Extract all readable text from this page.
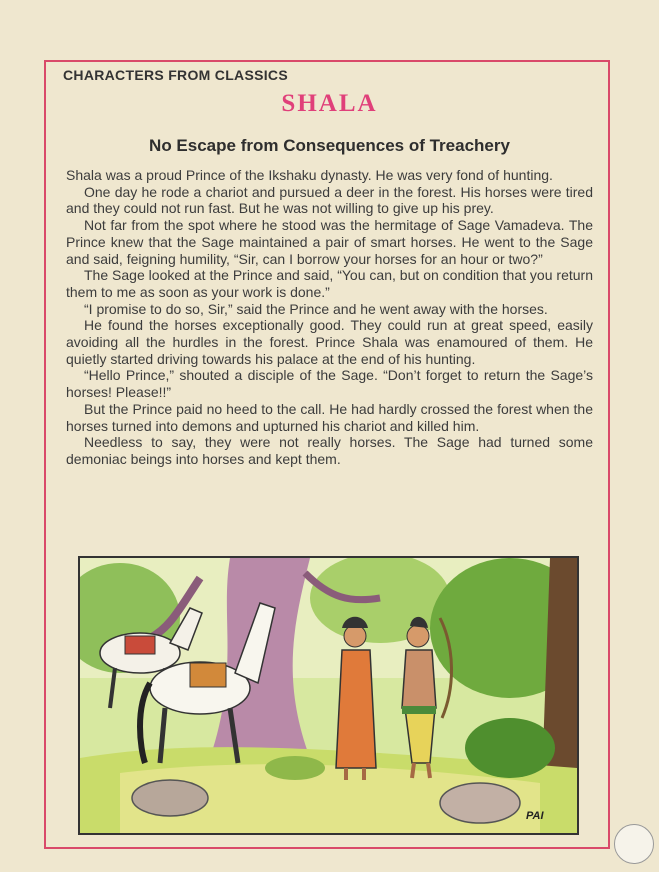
CHARACTERS FROM CLASSICS
SHALA
No Escape from Consequences of Treachery

Shala was a proud Prince of the Ikshaku dynasty. He was very fond of hunting.

One day he rode a chariot and pursued a deer in the forest. His horses were tired and they could not run fast. But he was not willing to give up his prey.

Not far from the spot where he stood was the hermitage of Sage Vamadeva. The Prince knew that the Sage maintained a pair of smart horses. He went to the Sage and said, feigning humility, “Sir, can I borrow your horses for an hour or two?”

The Sage looked at the Prince and said, “You can, but on condition that you return them to me as soon as your work is done.”

“I promise to do so, Sir,” said the Prince and he went away with the horses.

He found the horses exceptionally good. They could run at great speed, easily avoiding all the hurdles in the forest. Prince Shala was enamoured of them. He quietly started driving towards his palace at the end of his hunting.

“Hello Prince,” shouted a disciple of the Sage. “Don’t forget to return the Sage’s horses! Please!!”

But the Prince paid no heed to the call. He had hardly crossed the forest when the horses turned into demons and upturned his chariot and killed him.

Needless to say, they were not really horses. The Sage had turned some demoniac beings into horses and kept them.

PAI
